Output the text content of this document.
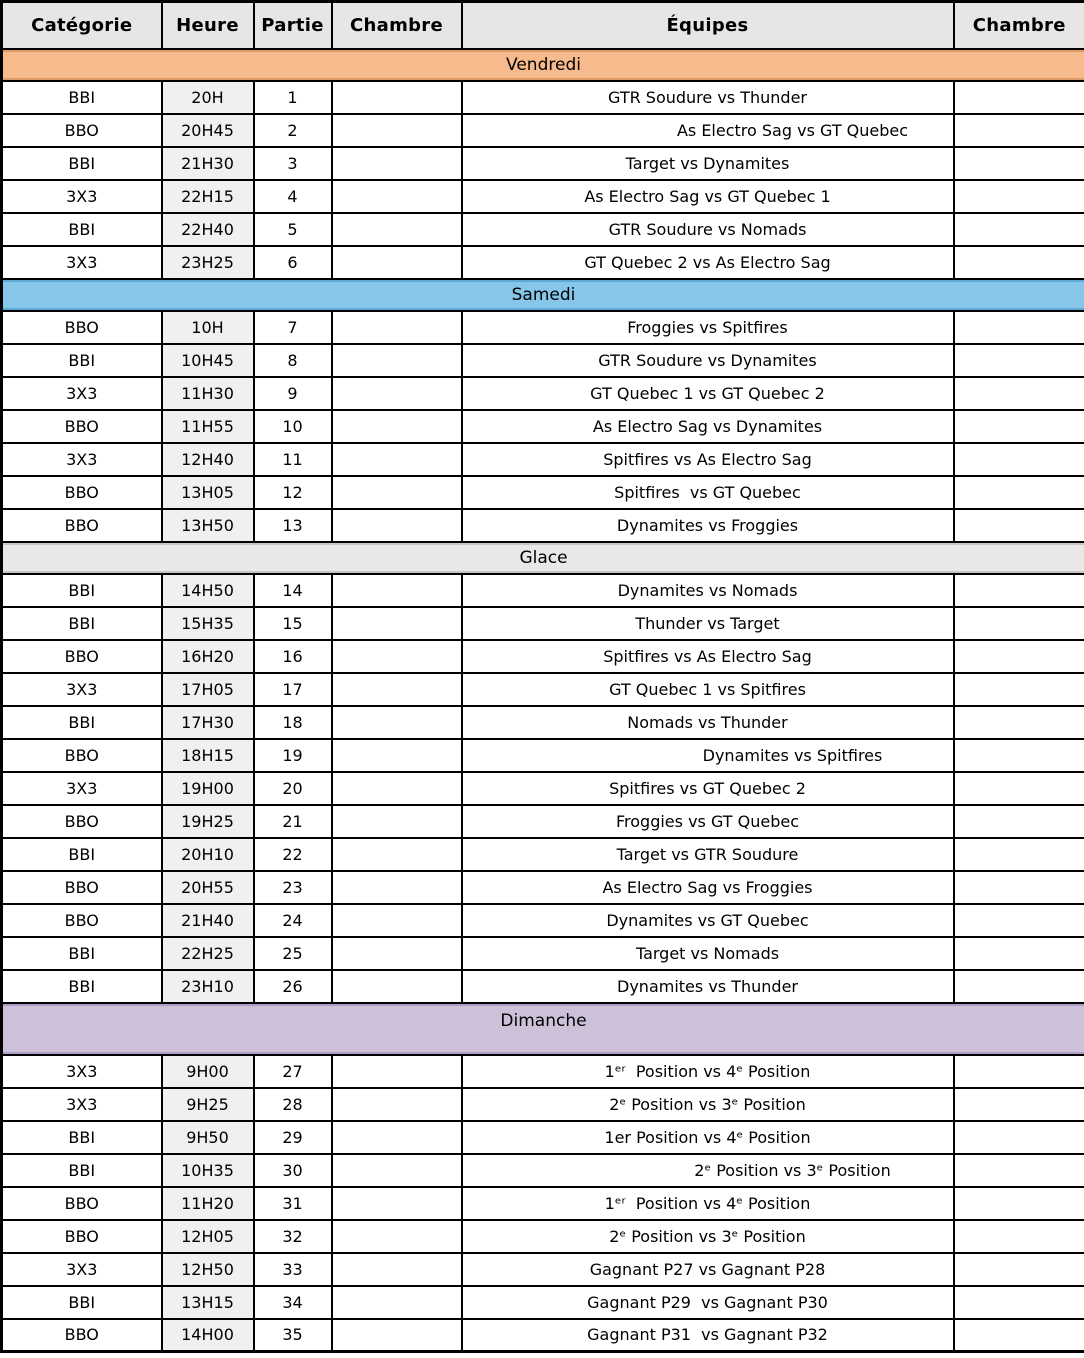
Catégorie	Heure	Partie	Chambre	Équipes	Chambre
Vendredi					
BBI	20H	1		GTR Soudure vs Thunder	
BBO	20H45	2		As Electro Sag vs GT Quebec	
BBI	21H30	3		Target vs Dynamites	
3X3	22H15	4		As Electro Sag vs GT Quebec 1	
BBI	22H40	5		GTR Soudure vs Nomads	
3X3	23H25	6		GT Quebec 2 vs As Electro Sag	
Samedi					
BBO	10H	7		Froggies vs Spitfires	
BBI	10H45	8		GTR Soudure vs Dynamites	
3X3	11H30	9		GT Quebec 1 vs GT Quebec 2	
BBO	11H55	10		As Electro Sag vs Dynamites	
3X3	12H40	11		Spitfires vs As Electro Sag	
BBO	13H05	12		Spitfires  vs GT Quebec	
BBO	13H50	13		Dynamites vs Froggies	
Glace					
BBI	14H50	14		Dynamites vs Nomads	
BBI	15H35	15		Thunder vs Target	
BBO	16H20	16		Spitfires vs As Electro Sag	
3X3	17H05	17		GT Quebec 1 vs Spitfires	
BBI	17H30	18		Nomads vs Thunder	
BBO	18H15	19		Dynamites vs Spitfires	
3X3	19H00	20		Spitfires vs GT Quebec 2	
BBO	19H25	21		Froggies vs GT Quebec	
BBI	20H10	22		Target vs GTR Soudure	
BBO	20H55	23		As Electro Sag vs Froggies	
BBO	21H40	24		Dynamites vs GT Quebec	
BBI	22H25	25		Target vs Nomads	
BBI	23H10	26		Dynamites vs Thunder	
Dimanche					
3X3	9H00	27		1ᵉʳ  Position vs 4ᵉ Position	
3X3	9H25	28		2ᵉ Position vs 3ᵉ Position	
BBI	9H50	29		1er Position vs 4ᵉ Position	
BBI	10H35	30		2ᵉ Position vs 3ᵉ Position	
BBO	11H20	31		1ᵉʳ  Position vs 4ᵉ Position	
BBO	12H05	32		2ᵉ Position vs 3ᵉ Position	
3X3	12H50	33		Gagnant P27 vs Gagnant P28	
BBI	13H15	34		Gagnant P29  vs Gagnant P30	
BBO	14H00	35		Gagnant P31  vs Gagnant P32	
